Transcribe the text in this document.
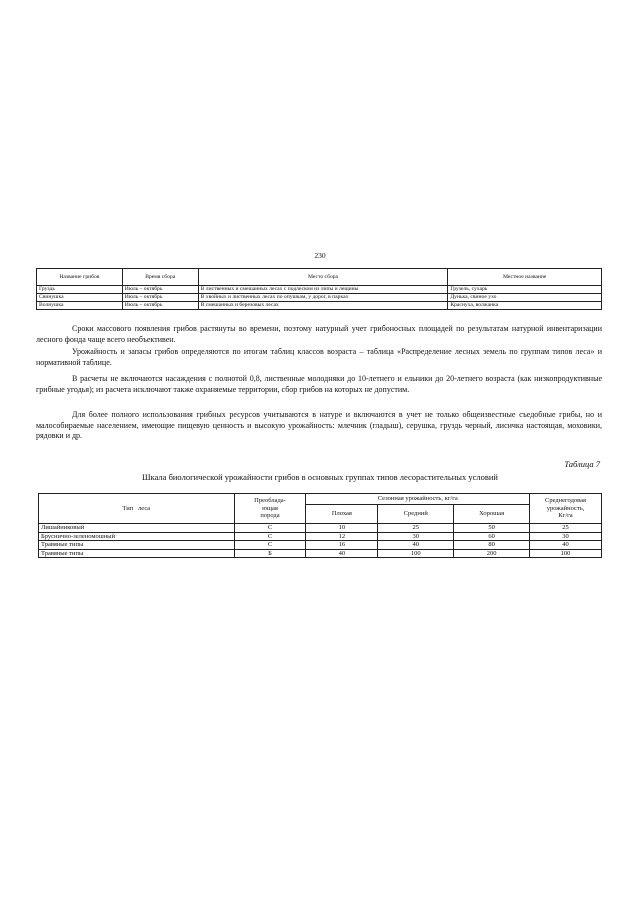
230
Название грибов	Время сбора	Место сбора	Местное название
Груздь	Июль – октябрь	В лиственных и смешанных лесах с подлеском из липы и лещины	Грузель, сухарь
Свинушка	Июль – октябрь	В хвойных и лиственных лесах по опушкам, у дорог, в парках	Дунька, свиное ухо
Волнушка	Июль – октябрь	В смешанных и березовых лесах	Краснуха, волжанка

Сроки массового появления грибов растянуты во времени, поэтому натурный учет грибоносных площадей по результатам натурной инвентаризации лесного фонда чаще всего необъективен.

Урожайность и запасы грибов определяются по итогам таблиц классов возраста – таблица «Распределение лесных земель по группам типов леса» и нормативной таблице.

В расчеты не включаются насаждения с полнотой 0,8, лиственные молодняки до 10-летнего и ельники до 20-летнего возраста (как низкопродуктивные грибные угодья); из расчета исключают также охраняемые территории, сбор грибов на которых не допустим.

Для более полного использования грибных ресурсов учитываются в натуре и включаются в учет не только общеизвестные съедобные грибы, но и малособираемые населением, имеющие пищевую ценность и высокую урожайность: млечник (гладыш), серушка, груздь черный, лисичка настоящая, моховики, рядовки и др.

Таблица 7
Шкала биологической урожайности грибов в основных группах типов лесорастительных условий
Тип   леса	Преоблада-
ющая
порода	Сезонная урожайность, кг/га			Среднегодовая
урожайность,
Кг/га
		Плохая	Средний	Хорошая	
Лишайниковый	С	10	25	50	25
Бруснично-зеленомошный	С	12	30	60	30
Травяные типы	С	16	40	80	40
Травяные типы	Б	40	100	200	100
